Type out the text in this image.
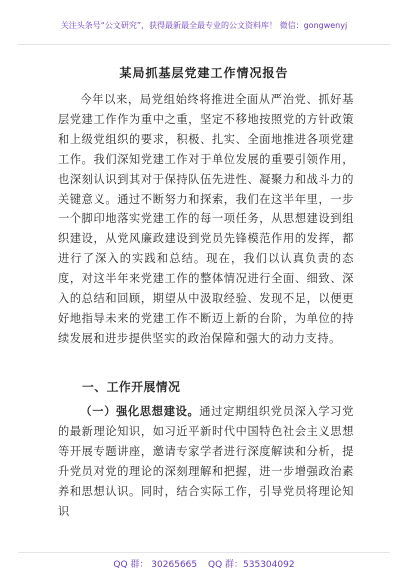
关注头条号“公文研究”，获得最新最全最专业的公文资料库！ 微信：gongwenyj
某局抓基层党建工作情况报告

今年以来，局党组始终将推进全面从严治党、抓好基层党建工作作为重中之重，坚定不移地按照党的方针政策和上级党组织的要求，积极、扎实、全面地推进各项党建工作。我们深知党建工作对于单位发展的重要引领作用，也深刻认识到其对于保持队伍先进性、凝聚力和战斗力的关键意义。通过不断努力和探索，我们在这半年里，一步一个脚印地落实党建工作的每一项任务，从思想建设到组织建设，从党风廉政建设到党员先锋模范作用的发挥，都进行了深入的实践和总结。现在，我们以认真负责的态度，对这半年来党建工作的整体情况进行全面、细致、深入的总结和回顾，期望从中汲取经验、发现不足，以便更好地指导未来的党建工作不断迈上新的台阶，为单位的持续发展和进步提供坚实的政治保障和强大的动力支持。

一、工作开展情况

（一）强化思想建设。通过定期组织党员深入学习党的最新理论知识，如习近平新时代中国特色社会主义思想等开展专题讲座，邀请专家学者进行深度解读和分析，提升党员对党的理论的深刻理解和把握，进一步增强政治素养和思想认识。同时，结合实际工作，引导党员将理论知识

QQ 群： 30265665 QQ 群：535304092
